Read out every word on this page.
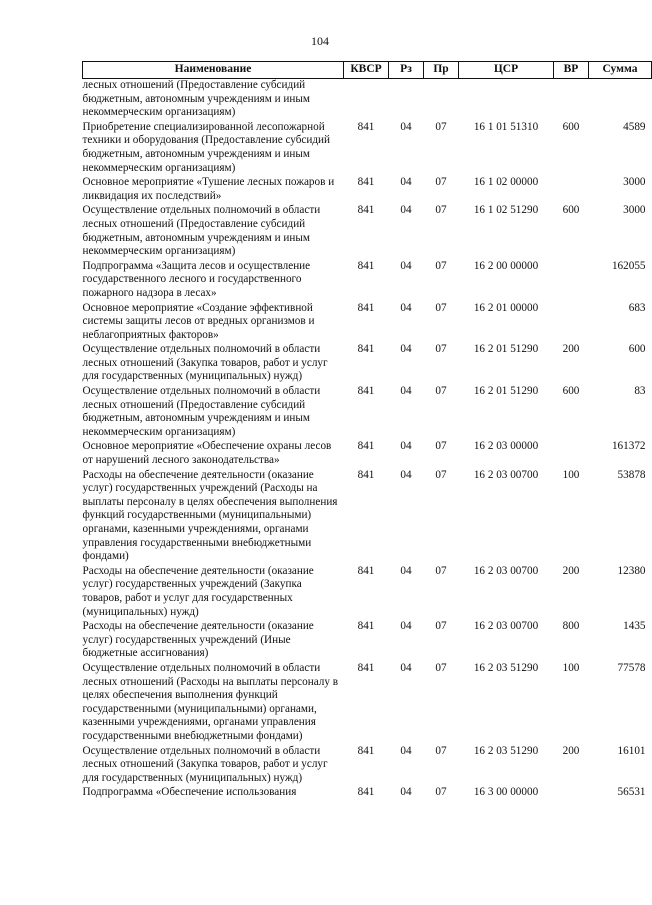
104
Наименование	КВСР	Рз	Пр	ЦСР	ВР	Сумма
лесных отношений (Предоставление субсидий бюджетным, автономным учреждениям и иным некоммерческим организациям)						
Приобретение специализированной лесопожарной техники и оборудования (Предоставление субсидий бюджетным, автономным учреждениям и иным некоммерческим организациям)	841	04	07	16 1 01 51310	600	4589
Основное мероприятие «Тушение лесных пожаров и ликвидация их последствий»	841	04	07	16 1 02 00000		3000
Осуществление отдельных полномочий в области лесных отношений (Предоставление субсидий бюджетным, автономным учреждениям и иным некоммерческим организациям)	841	04	07	16 1 02 51290	600	3000
Подпрограмма «Защита лесов и осуществление государственного лесного и государственного пожарного надзора в лесах»	841	04	07	16 2 00 00000		162055
Основное мероприятие «Создание эффективной системы защиты лесов от вредных организмов и неблагоприятных факторов»	841	04	07	16 2 01 00000		683
Осуществление отдельных полномочий в области лесных отношений (Закупка товаров, работ и услуг для государственных (муниципальных) нужд)	841	04	07	16 2 01 51290	200	600
Осуществление отдельных полномочий в области лесных отношений (Предоставление субсидий бюджетным, автономным учреждениям и иным некоммерческим организациям)	841	04	07	16 2 01 51290	600	83
Основное мероприятие «Обеспечение охраны лесов от нарушений лесного законодательства»	841	04	07	16 2 03 00000		161372
Расходы на обеспечение деятельности (оказание услуг) государственных учреждений (Расходы на выплаты персоналу в целях обеспечения выполнения функций государственными (муниципальными) органами, казенными учреждениями, органами управления государственными внебюджетными фондами)	841	04	07	16 2 03 00700	100	53878
Расходы на обеспечение деятельности (оказание услуг) государственных учреждений (Закупка товаров, работ и услуг для государственных (муниципальных) нужд)	841	04	07	16 2 03 00700	200	12380
Расходы на обеспечение деятельности (оказание услуг) государственных учреждений (Иные бюджетные ассигнования)	841	04	07	16 2 03 00700	800	1435
Осуществление отдельных полномочий в области лесных отношений (Расходы на выплаты персоналу в целях обеспечения выполнения функций государственными (муниципальными) органами, казенными учреждениями, органами управления государственными внебюджетными фондами)	841	04	07	16 2 03 51290	100	77578
Осуществление отдельных полномочий в области лесных отношений (Закупка товаров, работ и услуг для государственных (муниципальных) нужд)	841	04	07	16 2 03 51290	200	16101
Подпрограмма «Обеспечение использования	841	04	07	16 3 00 00000		56531
